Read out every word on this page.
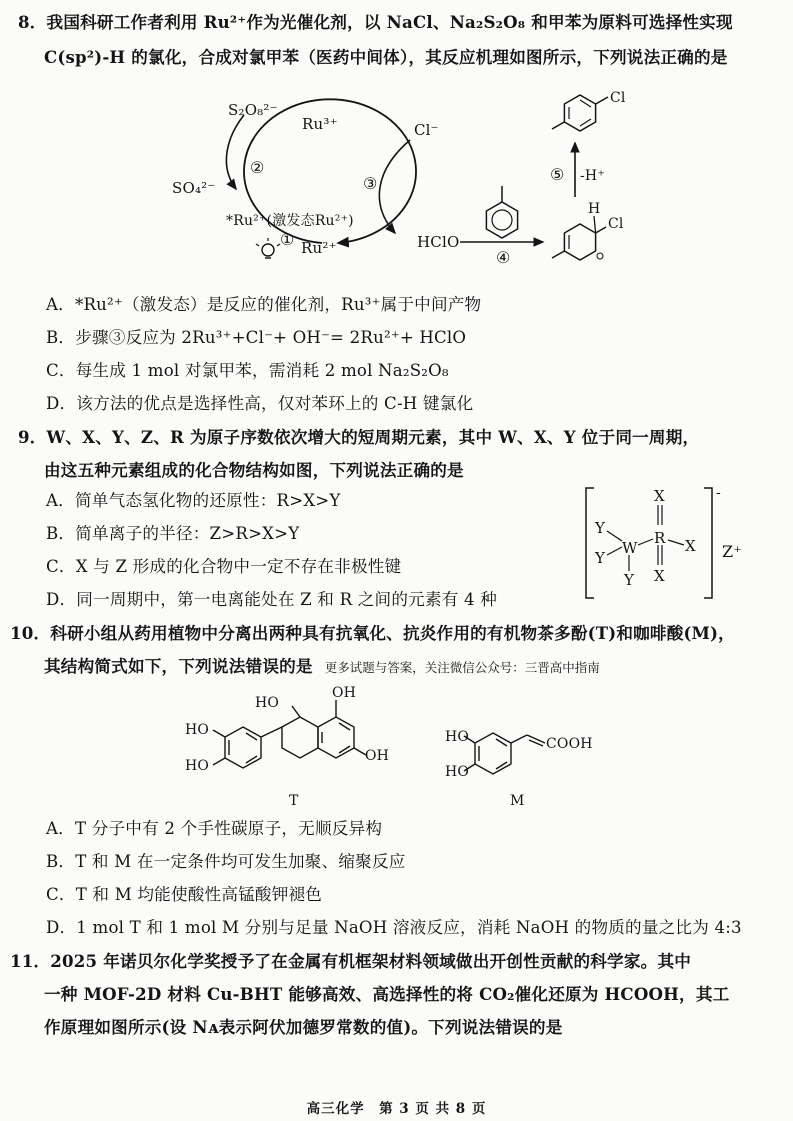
8．我国科研工作者利用 Ru²⁺作为光催化剂，以 NaCl、Na₂S₂O₈ 和甲苯为原料可选择性实现
C(sp²)-H 的氯化，合成对氯甲苯（医药中间体），其反应机理如图所示，下列说法正确的是
S₂O₈²⁻
Ru³⁺
SO₄²⁻
*Ru²⁺(激发态Ru²⁺)
Ru²⁺
Cl⁻
HClO
①
②
③
④
⑤ -H⁺
H
Cl
Cl
A．*Ru²⁺（激发态）是反应的催化剂，Ru³⁺属于中间产物
B．步骤③反应为 2Ru³⁺+Cl⁻+ OH⁻= 2Ru²⁺+ HClO
C．每生成 1 mol 对氯甲苯，需消耗 2 mol Na₂S₂O₈
D．该方法的优点是选择性高，仅对苯环上的 C-H 键氯化
9．W、X、Y、Z、R 为原子序数依次增大的短周期元素，其中 W、X、Y 位于同一周期，
由这五种元素组成的化合物结构如图，下列说法正确的是
A．简单气态氢化物的还原性：R>X>Y
B．简单离子的半径：Z>R>X>Y
C．X 与 Z 形成的化合物中一定不存在非极性键
D．同一周期中，第一电离能处在 Z 和 R 之间的元素有 4 种
-
Z⁺
Y
Y
W
Y
R
X
X
X
10．科研小组从药用植物中分离出两种具有抗氧化、抗炎作用的有机物茶多酚(T)和咖啡酸(M)，
其结构简式如下，下列说法错误的是 更多试题与答案，关注微信公众号：三晋高中指南
OH
HO
OH
HO
HO
T
HO
HO
COOH
M
A．T 分子中有 2 个手性碳原子，无顺反异构
B．T 和 M 在一定条件均可发生加聚、缩聚反应
C．T 和 M 均能使酸性高锰酸钾褪色
D．1 mol T 和 1 mol M 分别与足量 NaOH 溶液反应，消耗 NaOH 的物质的量之比为 4:3
11．2025 年诺贝尔化学奖授予了在金属有机框架材料领域做出开创性贡献的科学家。其中
一种 MOF-2D 材料 Cu-BHT 能够高效、高选择性的将 CO₂催化还原为 HCOOH，其工
作原理如图所示(设 Nᴀ表示阿伏加德罗常数的值)。下列说法错误的是
高三化学　第 3 页 共 8 页
